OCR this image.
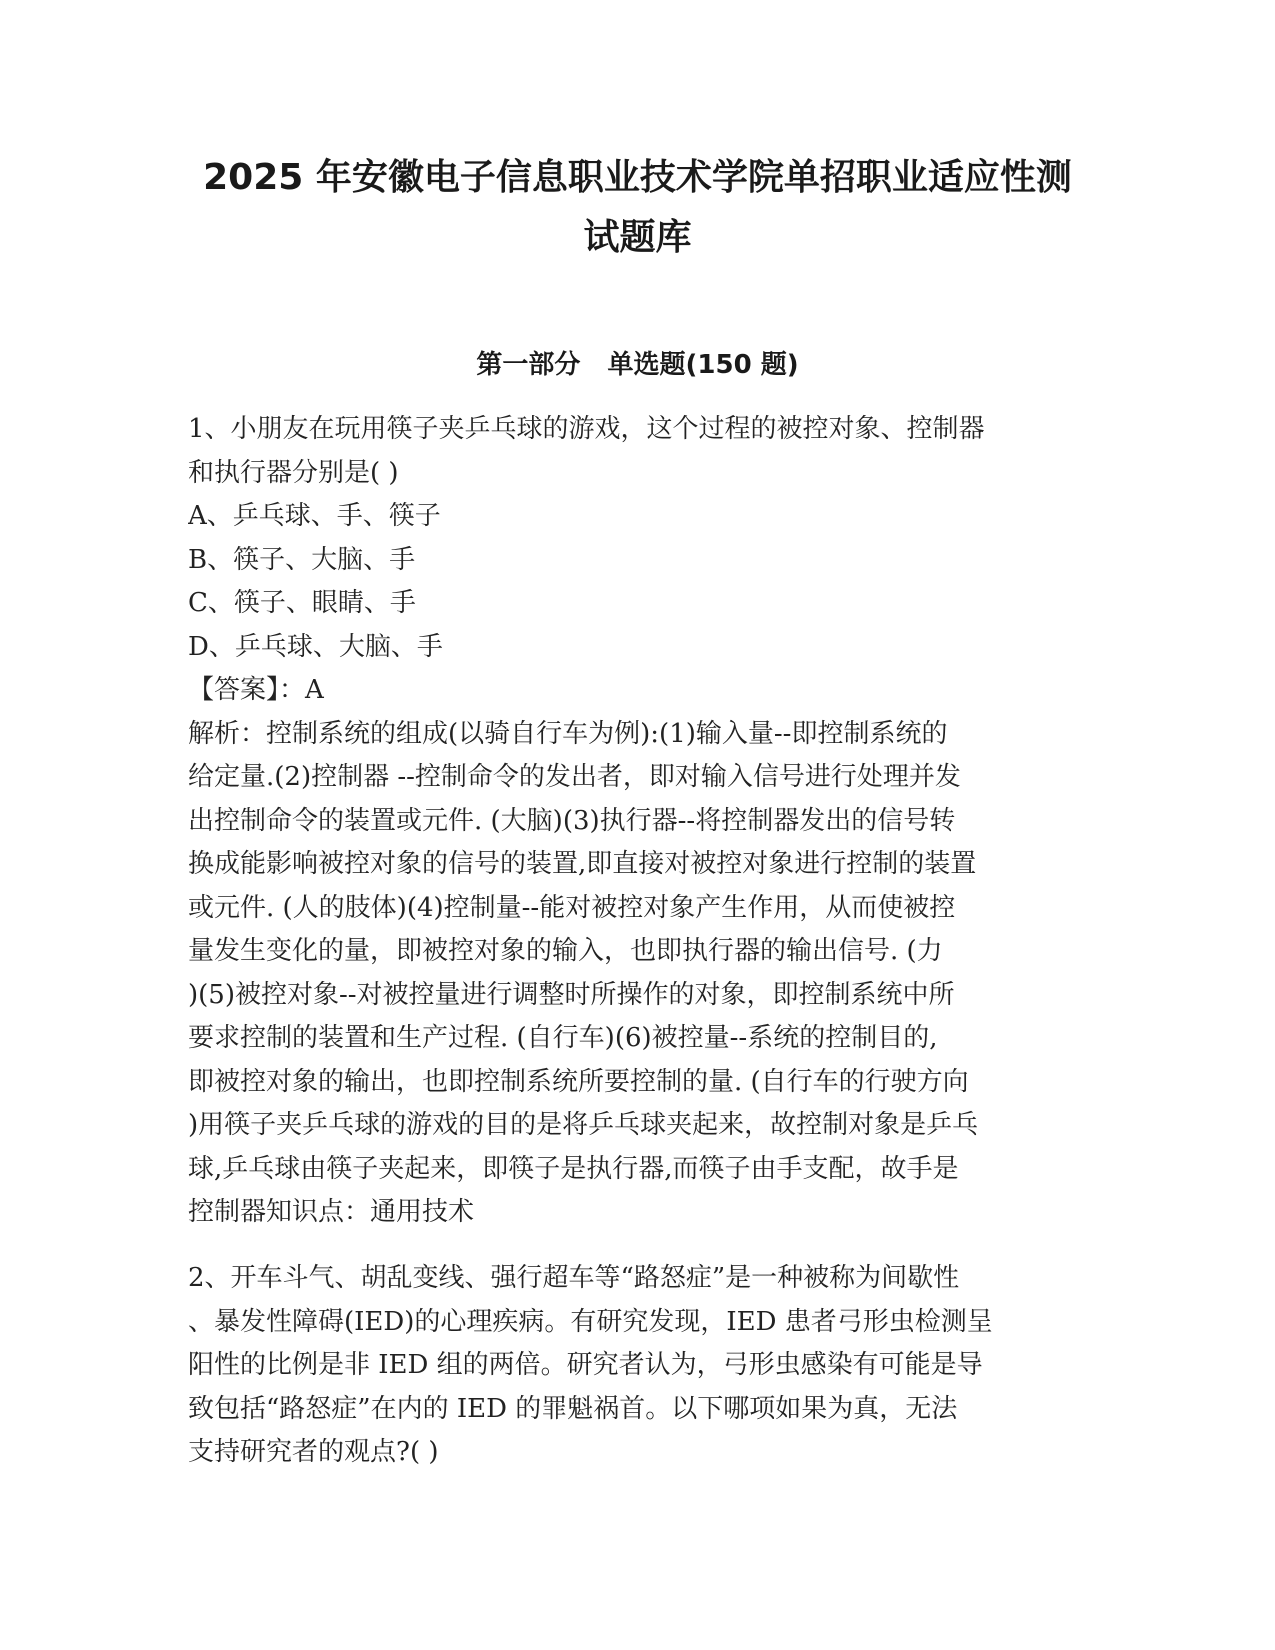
2025 年安徽电子信息职业技术学院单招职业适应性测
试题库
第一部分   单选题(150 题)
1、小朋友在玩用筷子夹乒乓球的游戏，这个过程的被控对象、控制器
和执行器分别是( )
A、乒乓球、手、筷子
B、筷子、大脑、手
C、筷子、眼睛、手
D、乒乓球、大脑、手
【答案】：A
解析：控制系统的组成(以骑自行车为例):(1)输入量--即控制系统的
给定量.(2)控制器 --控制命令的发出者，即对输入信号进行处理并发
出控制命令的装置或元件. (大脑)(3)执行器--将控制器发出的信号转
换成能影响被控对象的信号的装置,即直接对被控对象进行控制的装置
或元件. (人的肢体)(4)控制量--能对被控对象产生作用，从而使被控
量发生变化的量，即被控对象的输入，也即执行器的输出信号. (力
)(5)被控对象--对被控量进行调整时所操作的对象，即控制系统中所
要求控制的装置和生产过程. (自行车)(6)被控量--系统的控制目的,
即被控对象的输出，也即控制系统所要控制的量. (自行车的行驶方向
)用筷子夹乒乓球的游戏的目的是将乒乓球夹起来，故控制对象是乒乓
球,乒乓球由筷子夹起来，即筷子是执行器,而筷子由手支配，故手是
控制器知识点：通用技术
2、开车斗气、胡乱变线、强行超车等“路怒症”是一种被称为间歇性
、暴发性障碍(IED)的心理疾病。有研究发现，IED 患者弓形虫检测呈
阳性的比例是非 IED 组的两倍。研究者认为，弓形虫感染有可能是导
致包括“路怒症”在内的 IED 的罪魁祸首。以下哪项如果为真，无法
支持研究者的观点?( )
